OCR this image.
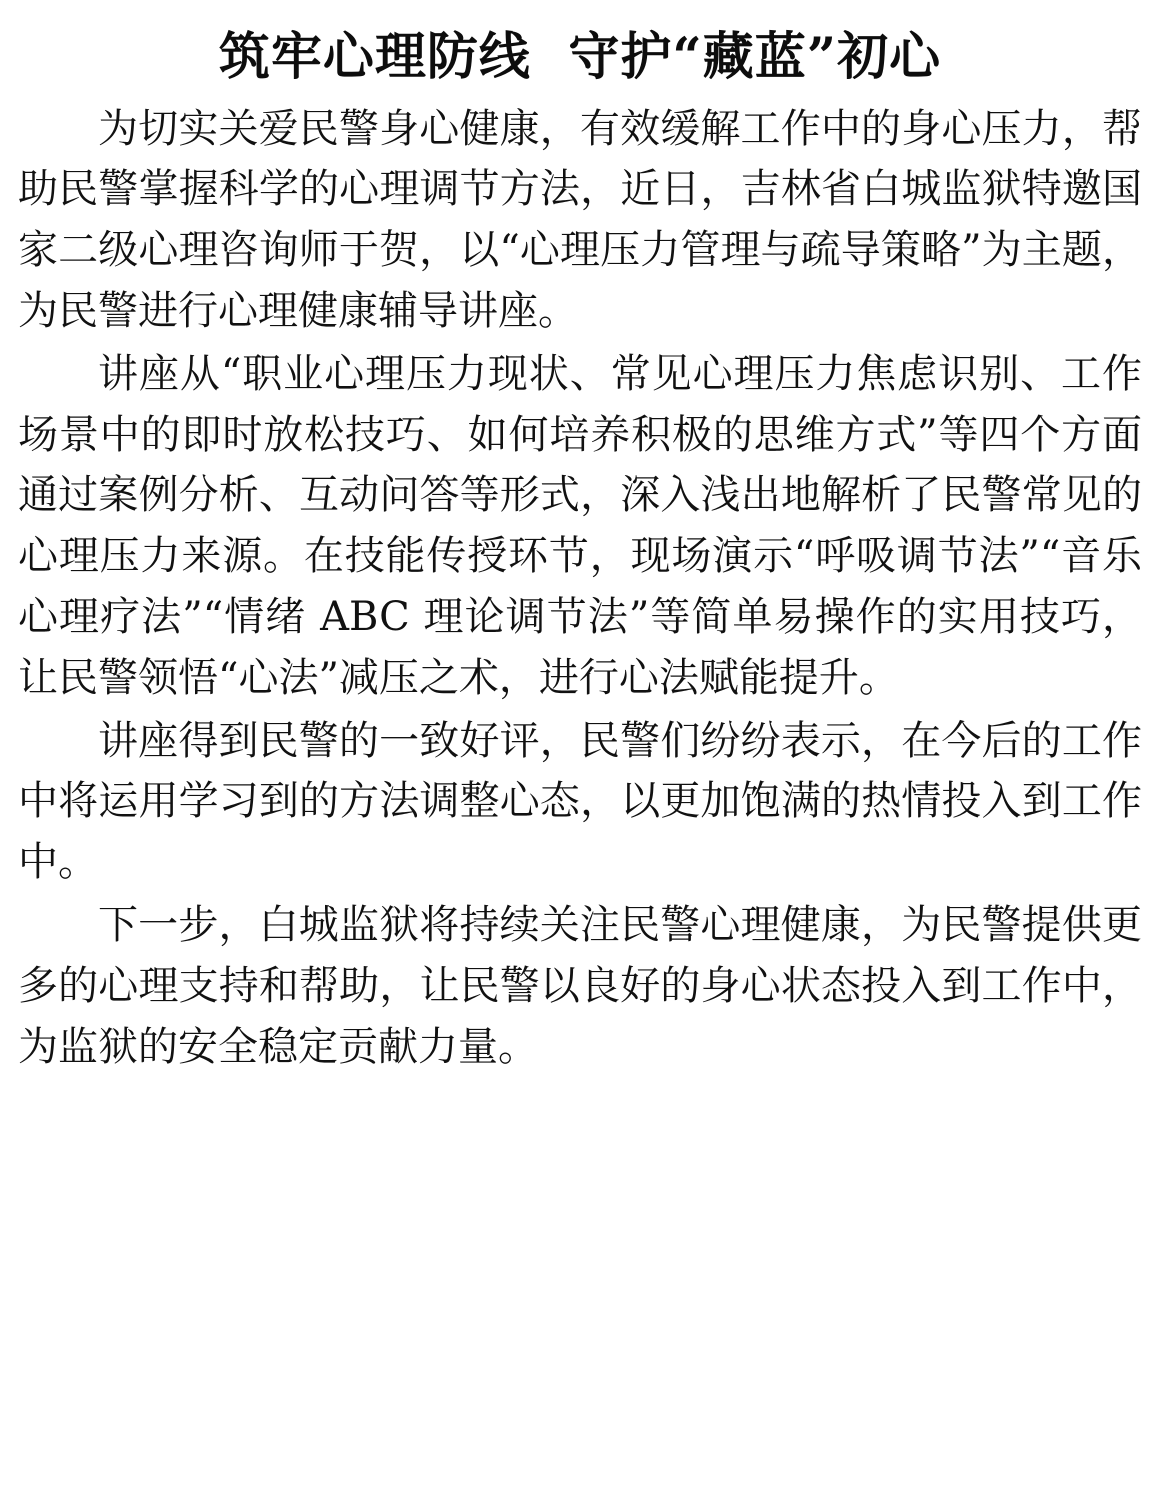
筑牢心理防线  守护“藏蓝”初心

为切实关爱民警身心健康，有效缓解工作中的身心压力，帮助民警掌握科学的心理调节方法，近日，吉林省白城监狱特邀国家二级心理咨询师于贺，以“心理压力管理与疏导策略”为主题，为民警进行心理健康辅导讲座。

讲座从“职业心理压力现状、常见心理压力焦虑识别、工作场景中的即时放松技巧、如何培养积极的思维方式”等四个方面通过案例分析、互动问答等形式，深入浅出地解析了民警常见的心理压力来源。在技能传授环节，现场演示“呼吸调节法”“音乐心理疗法”“情绪 ABC 理论调节法”等简单易操作的实用技巧，让民警领悟“心法”减压之术，进行心法赋能提升。

讲座得到民警的一致好评，民警们纷纷表示，在今后的工作中将运用学习到的方法调整心态，以更加饱满的热情投入到工作中。

下一步，白城监狱将持续关注民警心理健康，为民警提供更多的心理支持和帮助，让民警以良好的身心状态投入到工作中，为监狱的安全稳定贡献力量。
